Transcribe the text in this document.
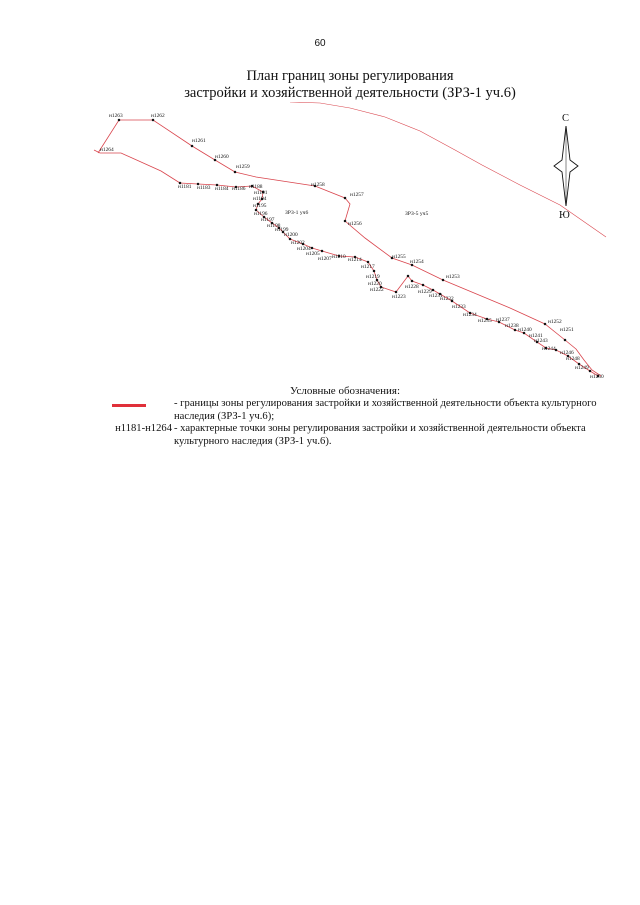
60
План границ зоны регулирования
застройки и хозяйственной деятельности (ЗРЗ-1 уч.6)
н1181 н1183 н1184 н1186 н1188
н1191
н1194
н1195
н1196
н1197
н1198
н1199
н1200
н1202
н1204
н1205
н1207 н1210 н1214
н1217
н1219
н1220
н1222
н1223
н1228
н1229
н1231
н1232
н1233
н1234
н1235 н1237
н1238
н1240
н1241
н1243
н1244
н1246
н1248
н1249
н1250
н1251
н1252
н1253
н1254
н1255
н1256
н1257
н1258
н1259
н1260
н1261
н1262
н1263
н1264
ЗРЗ-1 уч6	ЗРЗ-5 уч5
С
Ю
Условные обозначения:
- границы зоны регулирования застройки и хозяйственной деятельности объекта культурного наследия (ЗРЗ-1 уч.6);
н1181-н1264 - характерные точки зоны регулирования застройки и хозяйственной деятельности объекта культурного наследия (ЗРЗ-1 уч.6).
